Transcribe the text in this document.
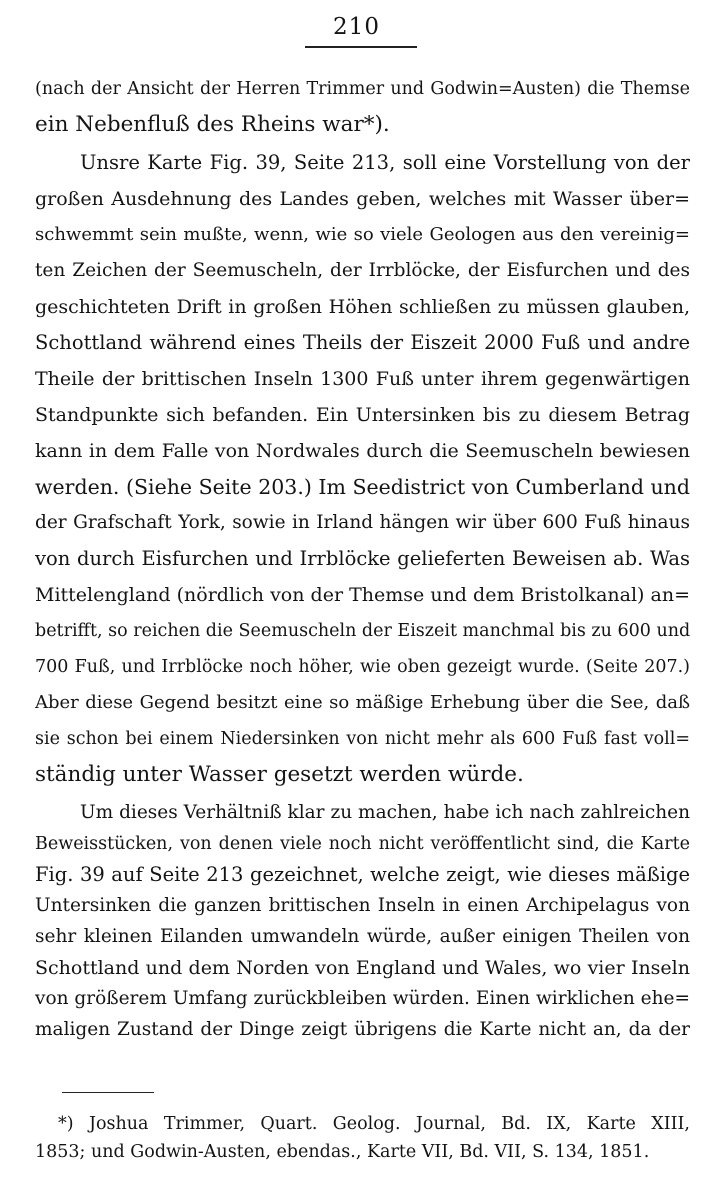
210
(nach der Ansicht der Herren Trimmer und Godwin=Austen) die Themse
ein Nebenfluß des Rheins war*).
Unsre Karte Fig. 39, Seite 213, soll eine Vorstellung von der
großen Ausdehnung des Landes geben, welches mit Wasser über=
schwemmt sein mußte, wenn, wie so viele Geologen aus den vereinig=
ten Zeichen der Seemuscheln, der Irrblöcke, der Eisfurchen und des
geschichteten Drift in großen Höhen schließen zu müssen glauben,
Schottland während eines Theils der Eiszeit 2000 Fuß und andre
Theile der brittischen Inseln 1300 Fuß unter ihrem gegenwärtigen
Standpunkte sich befanden. Ein Untersinken bis zu diesem Betrag
kann in dem Falle von Nordwales durch die Seemuscheln bewiesen
werden. (Siehe Seite 203.) Im Seedistrict von Cumberland und
der Grafschaft York, sowie in Irland hängen wir über 600 Fuß hinaus
von durch Eisfurchen und Irrblöcke gelieferten Beweisen ab. Was
Mittelengland (nördlich von der Themse und dem Bristolkanal) an=
betrifft, so reichen die Seemuscheln der Eiszeit manchmal bis zu 600 und
700 Fuß, und Irrblöcke noch höher, wie oben gezeigt wurde. (Seite 207.)
Aber diese Gegend besitzt eine so mäßige Erhebung über die See, daß
sie schon bei einem Niedersinken von nicht mehr als 600 Fuß fast voll=
ständig unter Wasser gesetzt werden würde.
Um dieses Verhältniß klar zu machen, habe ich nach zahlreichen
Beweisstücken, von denen viele noch nicht veröffentlicht sind, die Karte
Fig. 39 auf Seite 213 gezeichnet, welche zeigt, wie dieses mäßige
Untersinken die ganzen brittischen Inseln in einen Archipelagus von
sehr kleinen Eilanden umwandeln würde, außer einigen Theilen von
Schottland und dem Norden von England und Wales, wo vier Inseln
von größerem Umfang zurückbleiben würden. Einen wirklichen ehe=
maligen Zustand der Dinge zeigt übrigens die Karte nicht an, da der
*) Joshua Trimmer, Quart. Geolog. Journal, Bd. IX, Karte XIII,
1853; und Godwin-Austen, ebendas., Karte VII, Bd. VII, S. 134, 1851.
